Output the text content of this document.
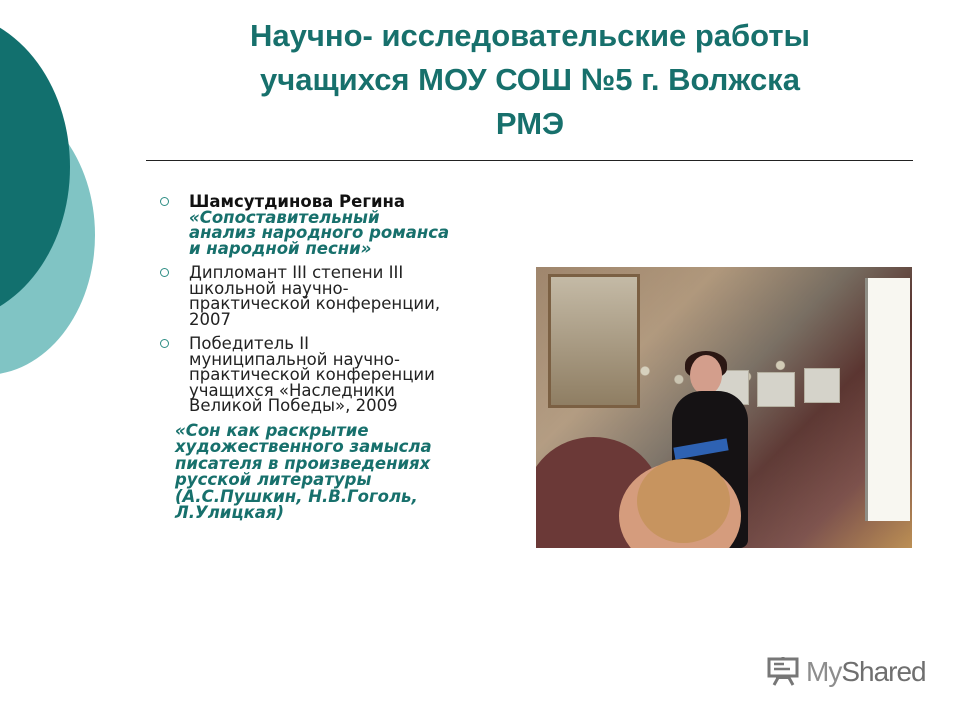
Научно- исследовательские работы
учащихся МОУ СОШ №5 г. Волжска
РМЭ
Шамсутдинова Регина
«Сопоставительный
анализ народного романса
и народной песни»
Дипломант III степени III
школьной научно-
практической конференции,
2007
Победитель II
муниципальной научно-
практической конференции
учащихся «Наследники
Великой Победы», 2009
«Сон как раскрытие
художественного замысла
писателя в произведениях
русской литературы
(А.С.Пушкин, Н.В.Гоголь,
Л.Улицкая)
MyShared
